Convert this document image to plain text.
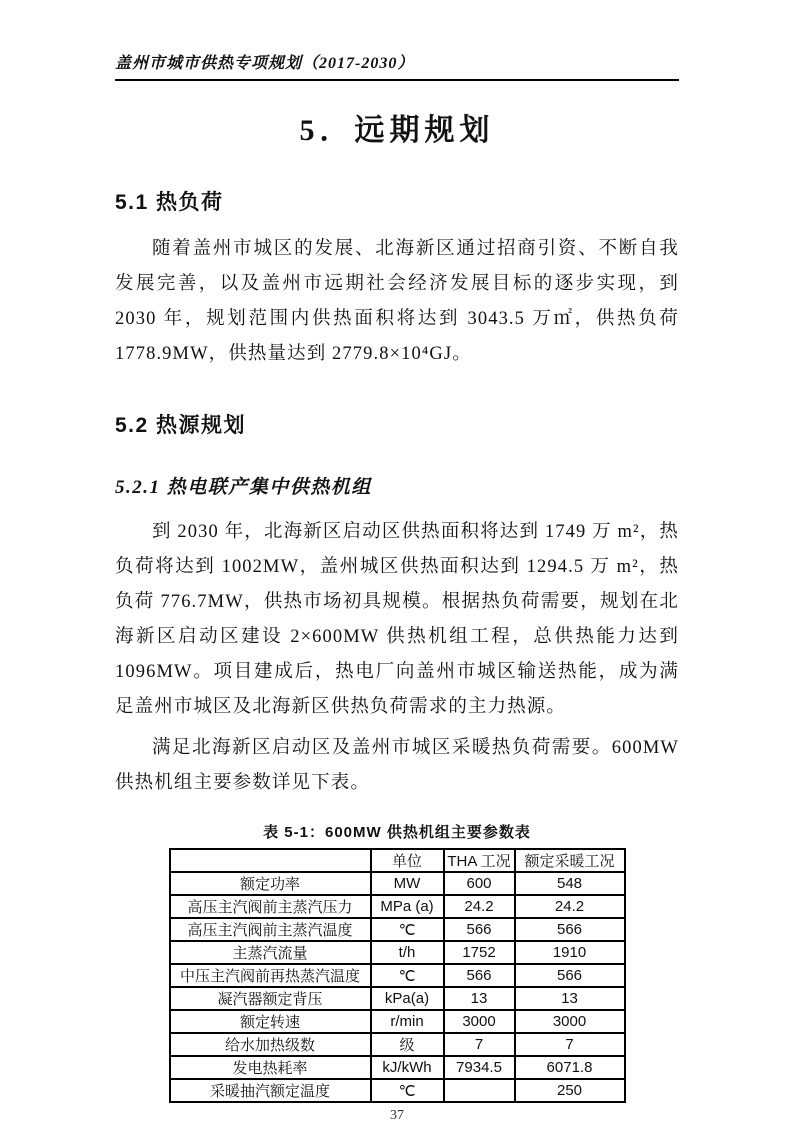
盖州市城市供热专项规划（2017-2030）
5．远期规划
5.1 热负荷
随着盖州市城区的发展、北海新区通过招商引资、不断自我发展完善，以及盖州市远期社会经济发展目标的逐步实现，到 2030 年，规划范围内供热面积将达到 3043.5 万㎡，供热负荷 1778.9MW，供热量达到 2779.8×10⁴GJ。
5.2 热源规划
5.2.1 热电联产集中供热机组
到 2030 年，北海新区启动区供热面积将达到 1749 万 m²，热负荷将达到 1002MW，盖州城区供热面积达到 1294.5 万 m²，热负荷 776.7MW，供热市场初具规模。根据热负荷需要，规划在北海新区启动区建设 2×600MW 供热机组工程，总供热能力达到 1096MW。项目建成后，热电厂向盖州市城区输送热能，成为满足盖州市城区及北海新区供热负荷需求的主力热源。
满足北海新区启动区及盖州市城区采暖热负荷需要。600MW 供热机组主要参数详见下表。
表 5-1：600MW 供热机组主要参数表
	单位	THA 工况	额定采暖工况
额定功率	MW	600	548
高压主汽阀前主蒸汽压力	MPa (a)	24.2	24.2
高压主汽阀前主蒸汽温度	℃	566	566
主蒸汽流量	t/h	1752	1910
中压主汽阀前再热蒸汽温度	℃	566	566
凝汽器额定背压	kPa(a)	13	13
额定转速	r/min	3000	3000
给水加热级数	级	7	7
发电热耗率	kJ/kWh	7934.5	6071.8
采暖抽汽额定温度	℃		250
37
